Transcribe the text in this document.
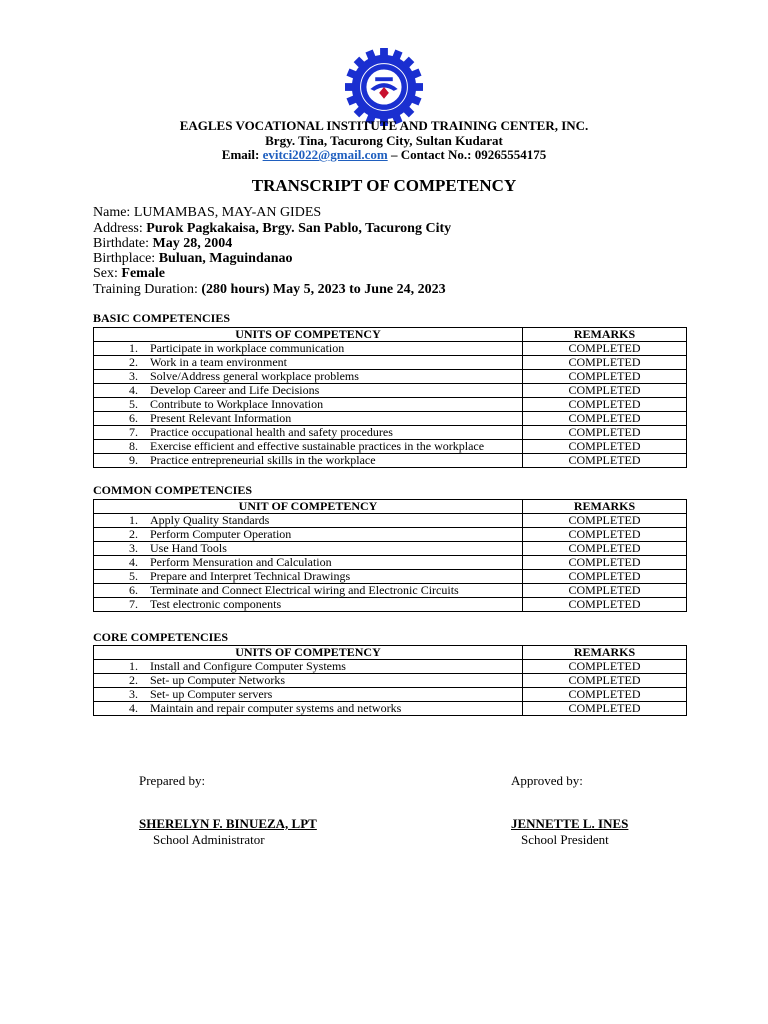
EAGLES VOCATIONAL INSTITUTE AND TRAINING CENTER, INC.
Brgy. Tina, Tacurong City, Sultan Kudarat
Email: evitci2022@gmail.com – Contact No.: 09265554175
TRANSCRIPT OF COMPETENCY
Name: LUMAMBAS, MAY-AN GIDES
Address: Purok Pagkakaisa, Brgy. San Pablo, Tacurong City
Birthdate: May 28, 2004
Birthplace: Buluan, Maguindanao
Sex: Female
Training Duration: (280 hours) May 5, 2023 to June 24, 2023
BASIC COMPETENCIES
UNITS OF COMPETENCY	REMARKS
1. Participate in workplace communication	COMPLETED
2. Work in a team environment	COMPLETED
3. Solve/Address general workplace problems	COMPLETED
4. Develop Career and Life Decisions	COMPLETED
5. Contribute to Workplace Innovation	COMPLETED
6. Present Relevant Information	COMPLETED
7. Practice occupational health and safety procedures	COMPLETED
8. Exercise efficient and effective sustainable practices in the workplace	COMPLETED
9. Practice entrepreneurial skills in the workplace	COMPLETED
COMMON COMPETENCIES
UNIT OF COMPETENCY	REMARKS
1. Apply Quality Standards	COMPLETED
2. Perform Computer Operation	COMPLETED
3. Use Hand Tools	COMPLETED
4. Perform Mensuration and Calculation	COMPLETED
5. Prepare and Interpret Technical Drawings	COMPLETED
6. Terminate and Connect Electrical wiring and Electronic Circuits	COMPLETED
7. Test electronic components	COMPLETED
CORE COMPETENCIES
UNITS OF COMPETENCY	REMARKS
1. Install and Configure Computer Systems	COMPLETED
2. Set- up Computer Networks	COMPLETED
3. Set- up Computer servers	COMPLETED
4. Maintain and repair computer systems and networks	COMPLETED
Prepared by:	Approved by:
SHERELYN F. BINUEZA, LPT
School Administrator
JENNETTE L. INES
School President
